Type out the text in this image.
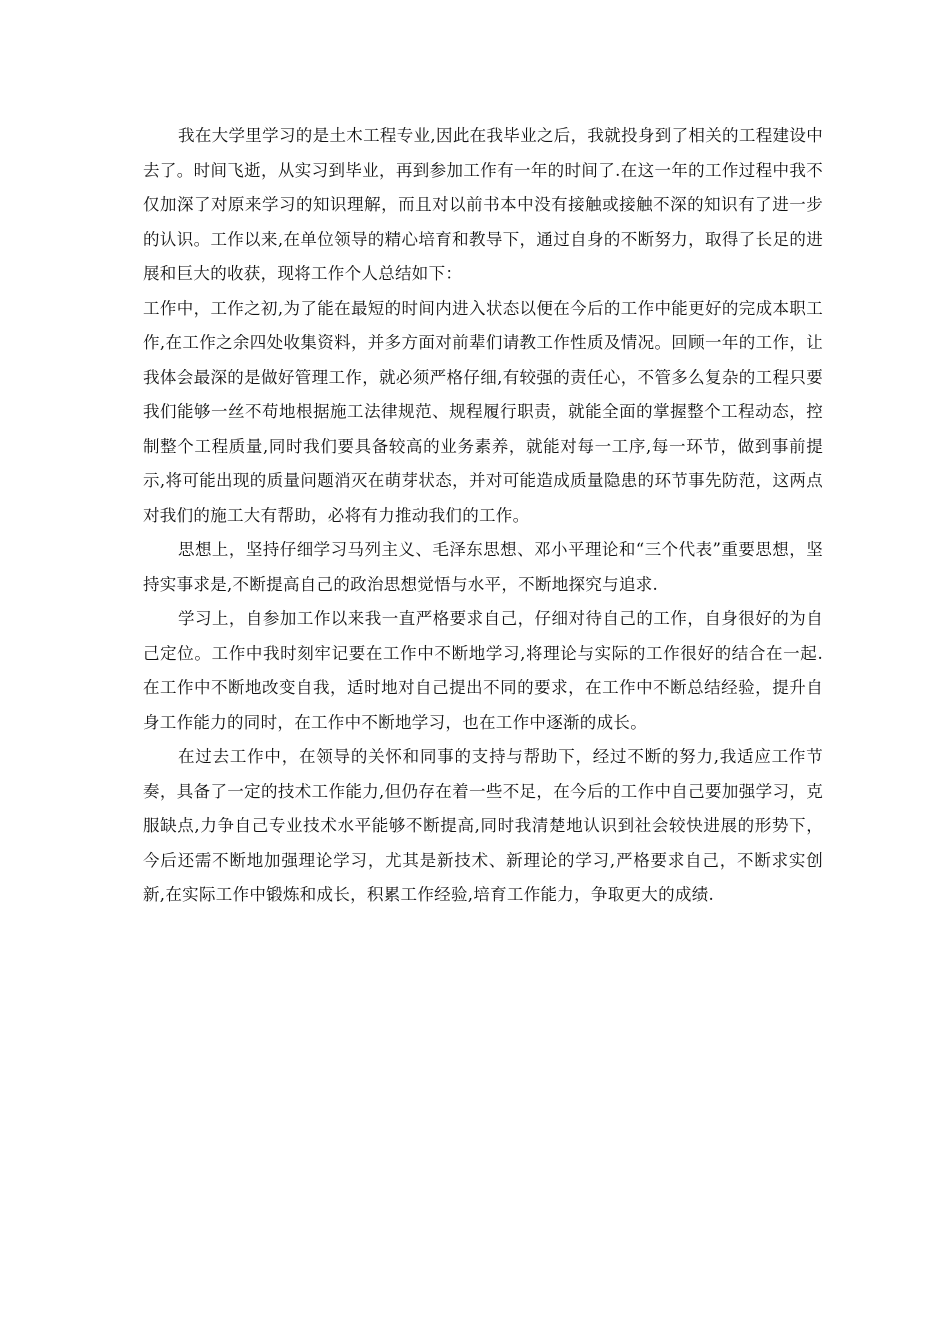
我在大学里学习的是土木工程专业,因此在我毕业之后，我就投身到了相关的工程建设中去了。时间飞逝，从实习到毕业，再到参加工作有一年的时间了.在这一年的工作过程中我不仅加深了对原来学习的知识理解，而且对以前书本中没有接触或接触不深的知识有了进一步的认识。工作以来,在单位领导的精心培育和教导下，通过自身的不断努力，取得了长足的进展和巨大的收获，现将工作个人总结如下：

工作中，工作之初,为了能在最短的时间内进入状态以便在今后的工作中能更好的完成本职工作,在工作之余四处收集资料，并多方面对前辈们请教工作性质及情况。回顾一年的工作，让我体会最深的是做好管理工作，就必须严格仔细,有较强的责任心，不管多么复杂的工程只要我们能够一丝不苟地根据施工法律规范、规程履行职责，就能全面的掌握整个工程动态，控制整个工程质量,同时我们要具备较高的业务素养，就能对每一工序,每一环节，做到事前提示,将可能出现的质量问题消灭在萌芽状态，并对可能造成质量隐患的环节事先防范，这两点对我们的施工大有帮助，必将有力推动我们的工作。

思想上，坚持仔细学习马列主义、毛泽东思想、邓小平理论和“三个代表”重要思想，坚持实事求是,不断提高自己的政治思想觉悟与水平，不断地探究与追求.

学习上，自参加工作以来我一直严格要求自己，仔细对待自己的工作，自身很好的为自己定位。工作中我时刻牢记要在工作中不断地学习,将理论与实际的工作很好的结合在一起.在工作中不断地改变自我，适时地对自己提出不同的要求，在工作中不断总结经验，提升自身工作能力的同时，在工作中不断地学习，也在工作中逐渐的成长。

在过去工作中，在领导的关怀和同事的支持与帮助下，经过不断的努力,我适应工作节奏，具备了一定的技术工作能力,但仍存在着一些不足，在今后的工作中自己要加强学习，克服缺点,力争自己专业技术水平能够不断提高,同时我清楚地认识到社会较快进展的形势下，今后还需不断地加强理论学习，尤其是新技术、新理论的学习,严格要求自己，不断求实创新,在实际工作中锻炼和成长，积累工作经验,培育工作能力，争取更大的成绩.
